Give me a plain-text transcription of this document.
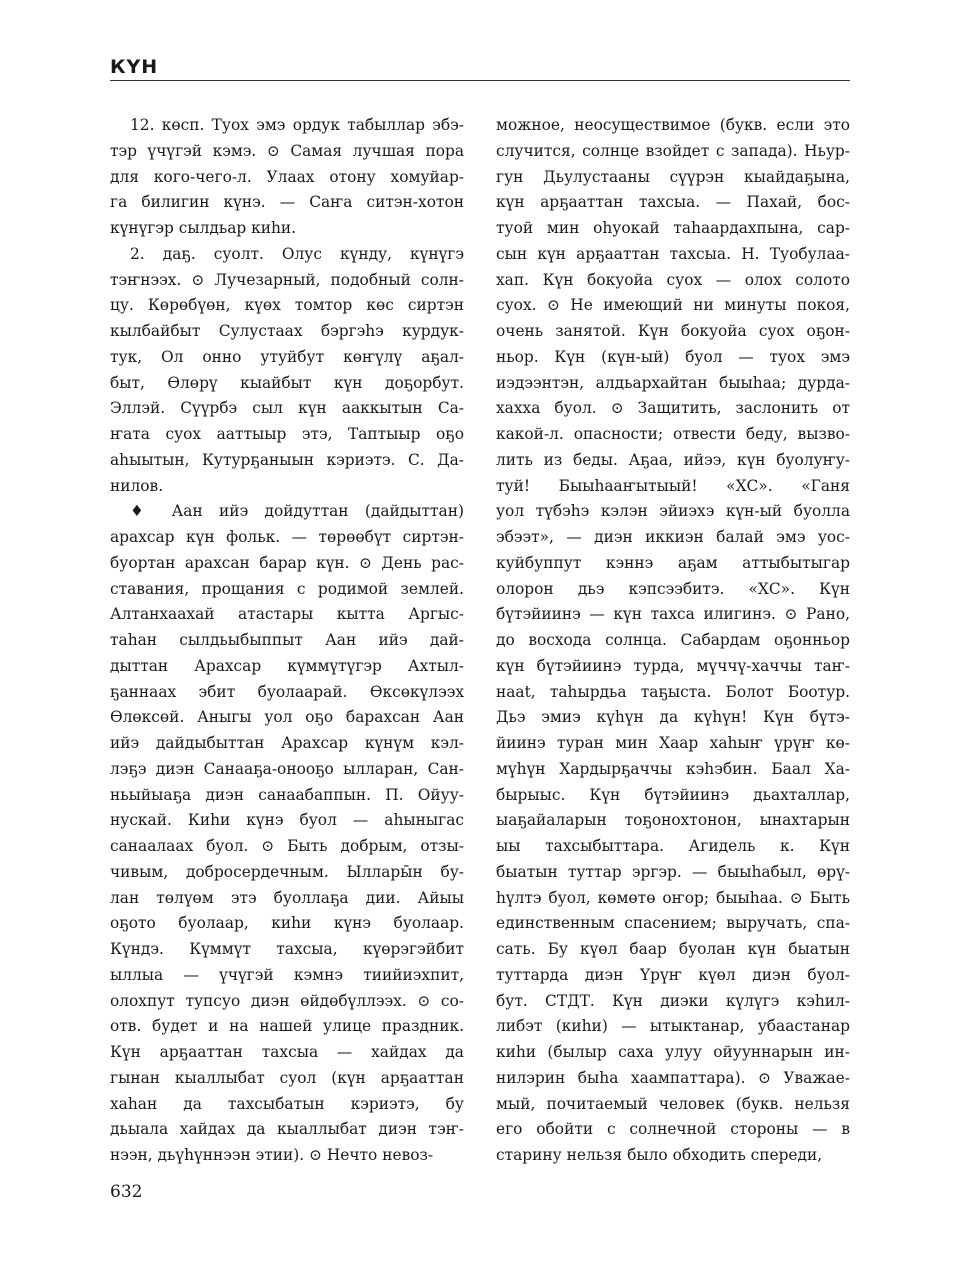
КҮН
12. көсп. Туох эмэ ордук табыллар эбэ-
тэр үчүгэй кэмэ. ⊙ Самая лучшая пора
для кого-чего-л. Улаах отону хомуйар-
га билигин күнэ. — Саҥа ситэн-хотон
күнүгэр сылдьар киһи.
2. даҕ. суолт. Олус күнду, күнүгэ
тэҥнээх. ⊙ Лучезарный, подобный солн-
цу. Көрөбүөн, күөх томтор көс сиртэн
кылбайбыт Сулустаах бэргэһэ курдук-
тук, Ол онно утуйбут көҥүлү аҕал-
быт, Өлөрү кыайбыт күн доҕорбут.
Эллэй. Сүүрбэ сыл күн ааккытын Са-
ҥата суох ааттыыр этэ, Таптыыр оҕо
аһыытын, Кутурҕаныын кэриэтэ. С. Да-
нилов.
♦ Аан ийэ дойдуттан (дайдыттан)
арахсар күн фольк. — төрөөбүт сиртэн-
буортан арахсан барар күн. ⊙ День рас-
ставания, прощания с родимой землей.
Алтанхаахай атастары кытта Аргыс-
таһан сылдьыбыппыт Аан ийэ дай-
дыттан Арахсар күммүтүгэр Ахтыл-
ҕаннаах эбит буолаарай. Өксөкүлээх
Өлөксөй. Аныгы уол оҕо барахсан Аан
ийэ дайдыбыттан Арахсар күнүм кэл-
лэҕэ диэн Санааҕа-онооҕо ылларан, Сан-
ньыйыаҕа диэн санаабаппын. П. Ойуу-
нускай. Киһи күнэ буол — аһыныгас
санаалаах буол. ⊙ Быть добрым, отзы-
чивым, добросердечным. Ыллары̄н бу-
лан төлүөм этэ буоллаҕа дии. Айыы
оҕото буолаар, киһи күнэ буолаар.
Күндэ. Күммүт тахсыа, күөрэгэйбит
ыллыа — үчүгэй кэмнэ тиийиэхпит,
олохпут тупсуо диэн өйдөбүллээх. ⊙ со-
отв. будет и на нашей улице праздник.
Күн арҕааттан тахсыа — хайдах да
гынан кыаллыбат суол (күн арҕааттан
хаһан да тахсыбатын кэриэтэ, бу
дьыала хайдах да кыаллыбат диэн тэҥ-
нээн, дьүһүннээн этии). ⊙ Нечто невоз-
можное, неосуществимое (букв. если это
случится, солнце взойдет с запада). Ньур-
гун Дьулустааны сүүрэн кыайдаҕына,
күн арҕааттан тахсыа. — Пахай, бос-
туой мин оһуокай таһаардахпына, сар-
сын күн арҕааттан тахсыа. Н. Туобулаа-
хап. Күн бокуойа суох — олох солото
суох. ⊙ Не имеющий ни минуты покоя,
очень занятой. Күн бокуойа суох оҕон-
ньор. Күн (күн-ый) буол — туох эмэ
иэдээнтэн, алдьархайтан быыһаа; дурда-
хахха буол. ⊙ Защитить, заслонить от
какой-л. опасности; отвести беду, вызво-
лить из беды. Аҕаа, ийээ, күн буолуҥу-
туй! Быыһааҥытыый! «ХС». «Ганя
уол түбэһэ кэлэн эйиэхэ күн-ый буолла
эбээт», — диэн иккиэн балай эмэ уос-
куйбуппут кэннэ аҕам аттыбытыгар
олорон дьэ кэпсээбитэ. «ХС». Күн
бүтэйиинэ — күн тахса илигинэ. ⊙ Рано,
до восхода солнца. Сабардам оҕонньор
күн бүтэйиинэ турда, мүччү-хаччы таҥ-
нааt, таһырдьа таҕыста. Болот Боотур.
Дьэ эмиэ күһүн да күһүн! Күн бүтэ-
йиинэ туран мин Хаар хаһыҥ үрүҥ кө-
мүһүн Хардырҕаччы кэһэбин. Баал Ха-
бырыыс. Күн бүтэйиинэ дьахталлар,
ыаҕайаларын тоҕонохтонон, ынахтарын
ыы тахсыбыттара. Агидель к. Күн
быатын туттар эргэр. — быыһабыл, өрү-
һүлтэ буол, көмөтө оҥор; быыһаа. ⊙ Быть
единственным спасением; выручать, спа-
сать. Бу күөл баар буолан күн быатын
туттарда диэн Үрүҥ күөл диэн буол-
бут. СТДТ. Күн диэки күлүгэ кэһил-
либэт (киһи) — ытыктанар, убаастанар
киһи (былыр саха улуу ойууннарын ин-
нилэрин быһа хаампаттара). ⊙ Уважае-
мый, почитаемый человек (букв. нельзя
его обойти с солнечной стороны — в
старину нельзя было обходить спереди,
632
